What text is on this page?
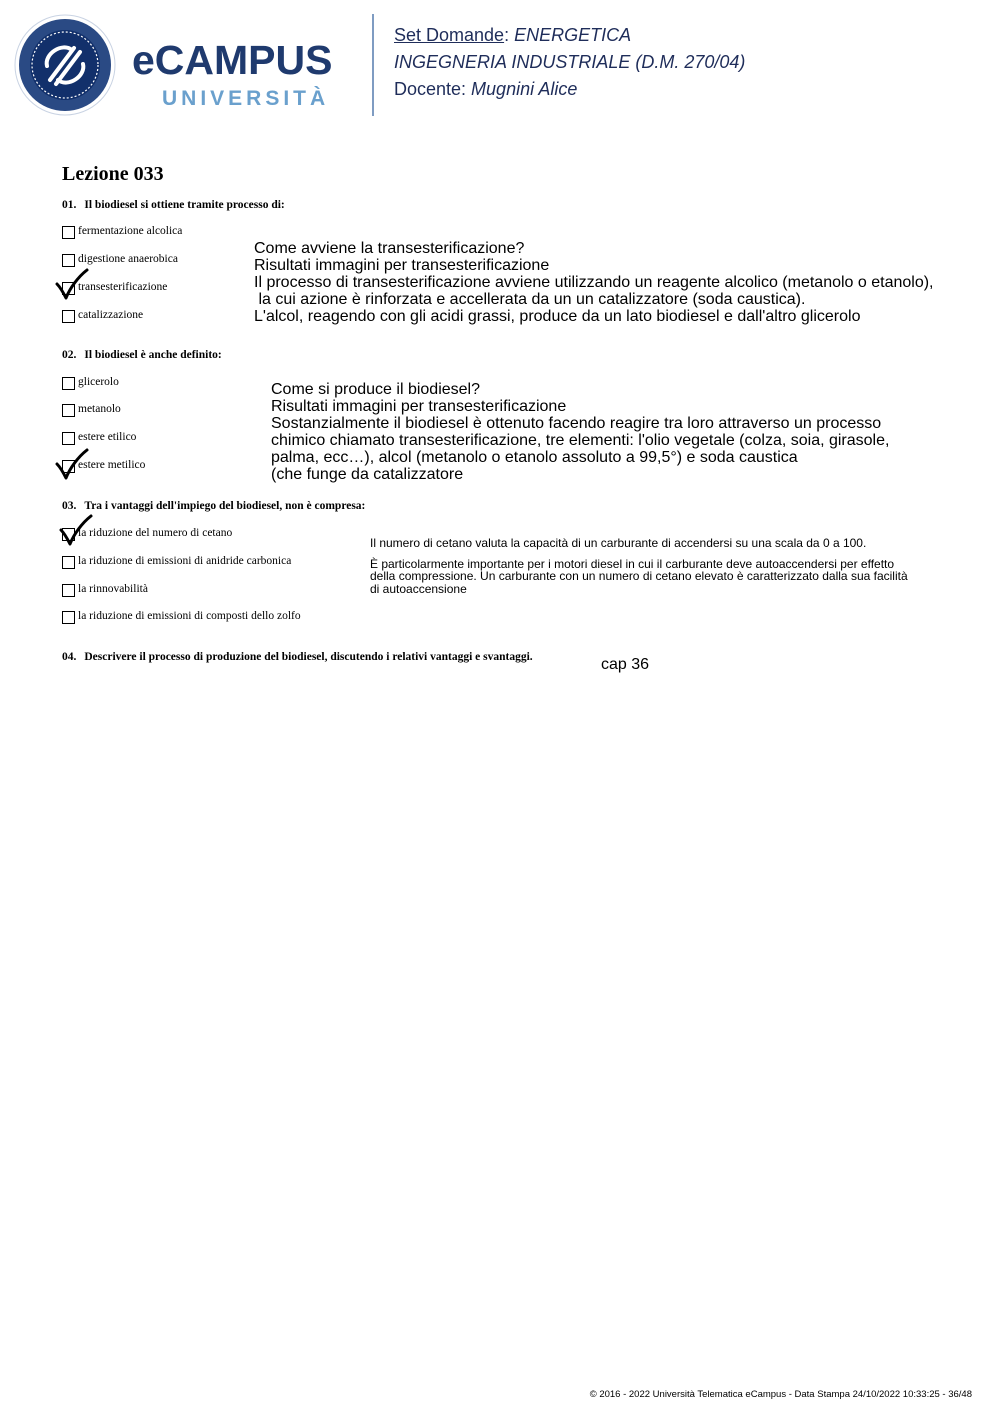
eCAMPUS
UNIVERSITÀ
Set Domande: ENERGETICA
INGEGNERIA INDUSTRIALE (D.M. 270/04)
Docente: Mugnini Alice
Lezione 033
01. Il biodiesel si ottiene tramite processo di:
fermentazione alcolica
digestione anaerobica
transesterificazione
catalizzazione
Come avviene la transesterificazione?
Risultati immagini per transesterificazione
Il processo di transesterificazione avviene utilizzando un reagente alcolico (metanolo o etanolo),
la cui azione è rinforzata e accellerata da un un catalizzatore (soda caustica).
L'alcol, reagendo con gli acidi grassi, produce da un lato biodiesel e dall'altro glicerolo
02. Il biodiesel è anche definito:
glicerolo
metanolo
estere etilico
estere metilico
Come si produce il biodiesel?
Risultati immagini per transesterificazione
Sostanzialmente il biodiesel è ottenuto facendo reagire tra loro attraverso un processo
chimico chiamato transesterificazione, tre elementi: l'olio vegetale (colza, soia, girasole,
palma, ecc…), alcol (metanolo o etanolo assoluto a 99,5°) e soda caustica
(che funge da catalizzatore
03. Tra i vantaggi dell'impiego del biodiesel, non è compresa:
la riduzione del numero di cetano
la riduzione di emissioni di anidride carbonica
la rinnovabilità
la riduzione di emissioni di composti dello zolfo
Il numero di cetano valuta la capacità di un carburante di accendersi su una scala da 0 a 100.
È particolarmente importante per i motori diesel in cui il carburante deve autoaccendersi per effetto
della compressione. Un carburante con un numero di cetano elevato è caratterizzato dalla sua facilità
di autoaccensione
04. Descrivere il processo di produzione del biodiesel, discutendo i relativi vantaggi e svantaggi.	cap 36
© 2016 - 2022 Università Telematica eCampus - Data Stampa 24/10/2022 10:33:25 - 36/48
